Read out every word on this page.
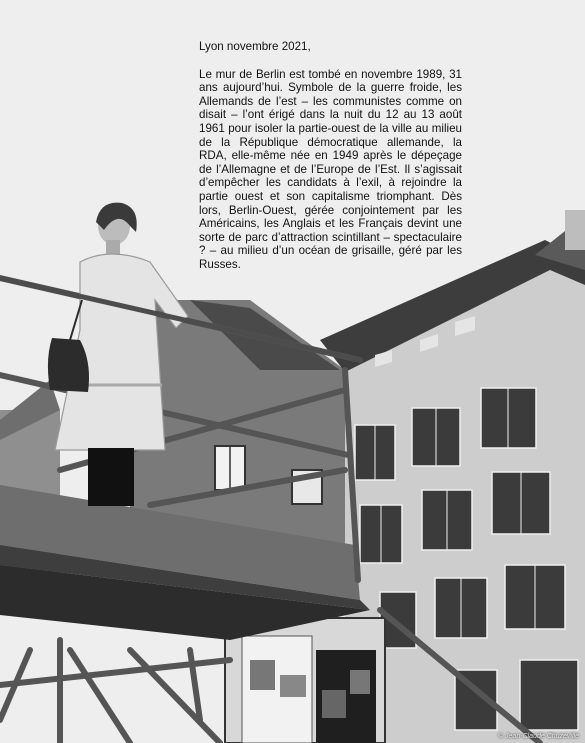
Lyon novembre 2021,

Le mur de Berlin est tombé en novembre 1989, 31 ans aujourd’hui. Symbole de la guerre froide, les Allemands de l’est – les communistes comme on disait – l’ont érigé dans la nuit du 12 au 13 août 1961 pour isoler la partie-ouest de la ville au milieu de la République démocratique allemande, la RDA, elle-même née en 1949 après le dépeçage de l’Allemagne et de l’Europe de l’Est. Il s’agissait d’empêcher les candidats à l’exil, à rejoindre la partie ouest et son capitalisme triomphant. Dès lors, Berlin-Ouest, gérée conjointement par les Américains, les Anglais et les Français devint une sorte de parc d’attraction scintillant – spectaculaire ? – au milieu d’un océan de grisaille, géré par les Russes.

© Jean-Claude Chuzeville
